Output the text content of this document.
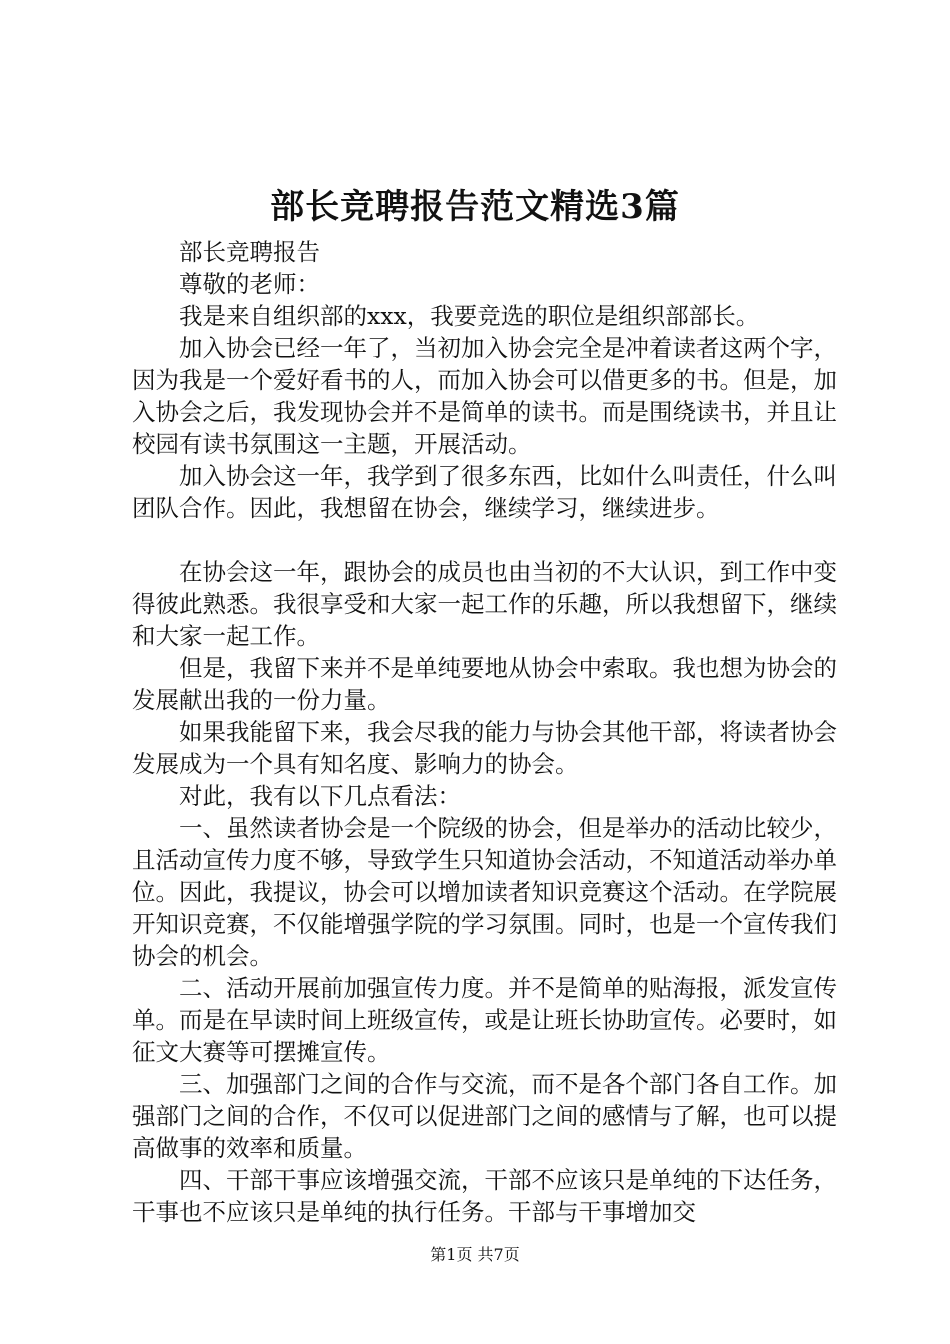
部长竞聘报告范文精选3篇

部长竞聘报告

尊敬的老师：

我是来自组织部的xxx，我要竞选的职位是组织部部长。

加入协会已经一年了，当初加入协会完全是冲着读者这两个字，因为我是一个爱好看书的人，而加入协会可以借更多的书。但是，加入协会之后，我发现协会并不是简单的读书。而是围绕读书，并且让校园有读书氛围这一主题，开展活动。

加入协会这一年，我学到了很多东西，比如什么叫责任，什么叫团队合作。因此，我想留在协会，继续学习，继续进步。

在协会这一年，跟协会的成员也由当初的不大认识，到工作中变得彼此熟悉。我很享受和大家一起工作的乐趣，所以我想留下，继续和大家一起工作。

但是，我留下来并不是单纯要地从协会中索取。我也想为协会的发展献出我的一份力量。

如果我能留下来，我会尽我的能力与协会其他干部，将读者协会发展成为一个具有知名度、影响力的协会。

对此，我有以下几点看法：

一、虽然读者协会是一个院级的协会，但是举办的活动比较少，且活动宣传力度不够，导致学生只知道协会活动，不知道活动举办单位。因此，我提议，协会可以增加读者知识竞赛这个活动。在学院展开知识竞赛，不仅能增强学院的学习氛围。同时，也是一个宣传我们协会的机会。

二、活动开展前加强宣传力度。并不是简单的贴海报，派发宣传单。而是在早读时间上班级宣传，或是让班长协助宣传。必要时，如征文大赛等可摆摊宣传。

三、加强部门之间的合作与交流，而不是各个部门各自工作。加强部门之间的合作，不仅可以促进部门之间的感情与了解，也可以提高做事的效率和质量。

四、干部干事应该增强交流，干部不应该只是单纯的下达任务，干事也不应该只是单纯的执行任务。干部与干事增加交

第1页 共7页
